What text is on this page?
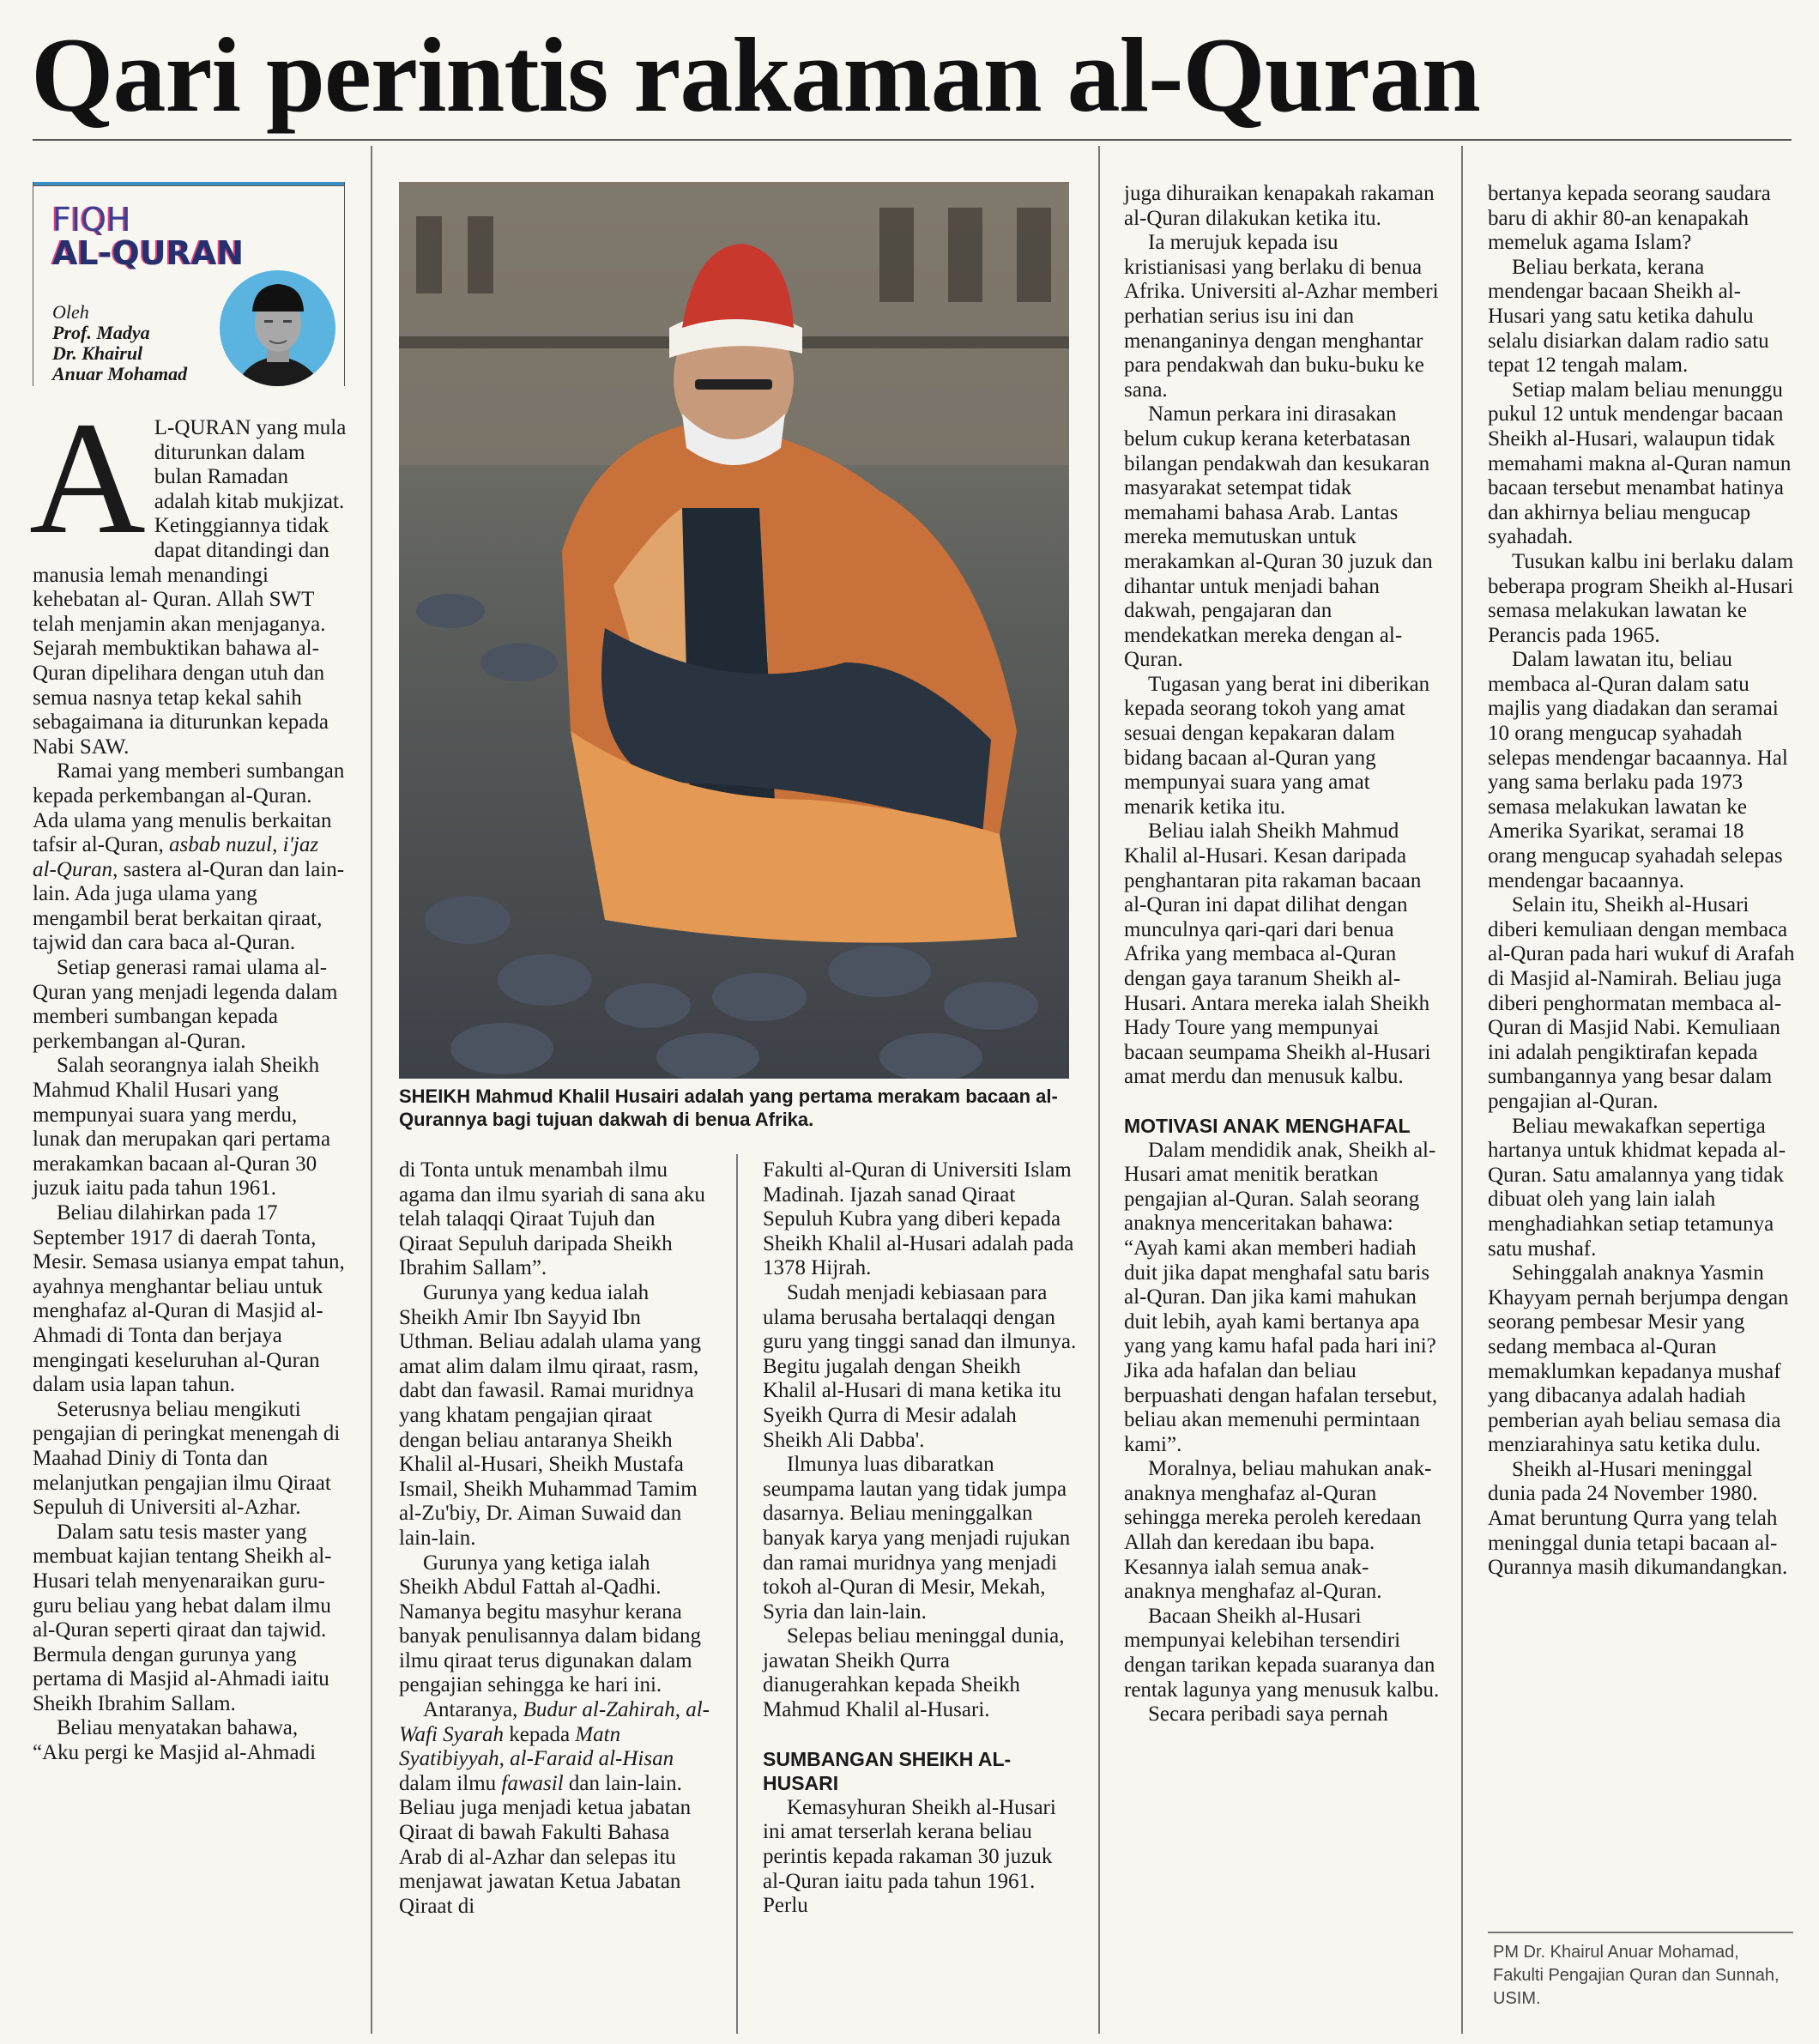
Qari perintis rakaman al-Quran
FIQH
AL-QURAN
Oleh
Prof. Madya
Dr. Khairul
Anuar Mohamad
SHEIKH Mahmud Khalil Husairi adalah yang pertama merakam bacaan al-Qurannya bagi tujuan dakwah di benua Afrika.
A L-QURAN yang mula diturunkan dalam bulan Ramadan adalah kitab mukjizat. Ketinggiannya tidak dapat ditandingi dan manusia lemah menandingi kehebatan al- Quran. Allah SWT telah menjamin akan menjaganya. Sejarah membuktikan bahawa al-Quran dipelihara dengan utuh dan semua nasnya tetap kekal sahih sebagaimana ia diturunkan kepada Nabi SAW.

Ramai yang memberi sumbangan kepada perkembangan al-Quran. Ada ulama yang menulis berkaitan tafsir al-Quran, asbab nuzul, i'jaz al-Quran, sastera al-Quran dan lain-lain. Ada juga ulama yang mengambil berat berkaitan qiraat, tajwid dan cara baca al-Quran.

Setiap generasi ramai ulama al-Quran yang menjadi legenda dalam memberi sumbangan kepada perkembangan al-Quran.

Salah seorangnya ialah Sheikh Mahmud Khalil Husari yang mempunyai suara yang merdu, lunak dan merupakan qari pertama merakamkan bacaan al-Quran 30 juzuk iaitu pada tahun 1961.

Beliau dilahirkan pada 17 September 1917 di daerah Tonta, Mesir. Semasa usianya empat tahun, ayahnya menghantar beliau untuk menghafaz al-Quran di Masjid al-Ahmadi di Tonta dan berjaya mengingati keseluruhan al-Quran dalam usia lapan tahun.

Seterusnya beliau mengikuti pengajian di peringkat menengah di Maahad Diniy di Tonta dan melanjutkan pengajian ilmu Qiraat Sepuluh di Universiti al-Azhar.

Dalam satu tesis master yang membuat kajian tentang Sheikh al-Husari telah menyenaraikan guru-guru beliau yang hebat dalam ilmu al-Quran seperti qiraat dan tajwid. Bermula dengan gurunya yang pertama di Masjid al-Ahmadi iaitu Sheikh Ibrahim Sallam.

Beliau menyatakan bahawa, “Aku pergi ke Masjid al-Ahmadi

di Tonta untuk menambah ilmu agama dan ilmu syariah di sana aku telah talaqqi Qiraat Tujuh dan Qiraat Sepuluh daripada Sheikh Ibrahim Sallam”.

Gurunya yang kedua ialah Sheikh Amir Ibn Sayyid Ibn Uthman. Beliau adalah ulama yang amat alim dalam ilmu qiraat, rasm, dabt dan fawasil. Ramai muridnya yang khatam pengajian qiraat dengan beliau antaranya Sheikh Khalil al-Husari, Sheikh Mustafa Ismail, Sheikh Muhammad Tamim al-Zu'biy, Dr. Aiman Suwaid dan lain-lain.

Gurunya yang ketiga ialah Sheikh Abdul Fattah al-Qadhi. Namanya begitu masyhur kerana banyak penulisannya dalam bidang ilmu qiraat terus digunakan dalam pengajian sehingga ke hari ini.

Antaranya, Budur al-Zahirah, al-Wafi Syarah kepada Matn Syatibiyyah, al-Faraid al-Hisan dalam ilmu fawasil dan lain-lain. Beliau juga menjadi ketua jabatan Qiraat di bawah Fakulti Bahasa Arab di al-Azhar dan selepas itu menjawat jawatan Ketua Jabatan Qiraat di

Fakulti al-Quran di Universiti Islam Madinah. Ijazah sanad Qiraat Sepuluh Kubra yang diberi kepada Sheikh Khalil al-Husari adalah pada 1378 Hijrah.

Sudah menjadi kebiasaan para ulama berusaha bertalaqqi dengan guru yang tinggi sanad dan ilmunya. Begitu jugalah dengan Sheikh Khalil al-Husari di mana ketika itu Syeikh Qurra di Mesir adalah Sheikh Ali Dabba'.

Ilmunya luas dibaratkan seumpama lautan yang tidak jumpa dasarnya. Beliau meninggalkan banyak karya yang menjadi rujukan dan ramai muridnya yang menjadi tokoh al-Quran di Mesir, Mekah, Syria dan lain-lain.

Selepas beliau meninggal dunia, jawatan Sheikh Qurra dianugerahkan kepada Sheikh Mahmud Khalil al-Husari.

SUMBANGAN SHEIKH AL-HUSARI

Kemasyhuran Sheikh al-Husari ini amat terserlah kerana beliau perintis kepada rakaman 30 juzuk al-Quran iaitu pada tahun 1961. Perlu

juga dihuraikan kenapakah rakaman al-Quran dilakukan ketika itu.

Ia merujuk kepada isu kristianisasi yang berlaku di benua Afrika. Universiti al-Azhar memberi perhatian serius isu ini dan menanganinya dengan menghantar para pendakwah dan buku-buku ke sana.

Namun perkara ini dirasakan belum cukup kerana keterbatasan bilangan pendakwah dan kesukaran masyarakat setempat tidak memahami bahasa Arab. Lantas mereka memutuskan untuk merakamkan al-Quran 30 juzuk dan dihantar untuk menjadi bahan dakwah, pengajaran dan mendekatkan mereka dengan al-Quran.

Tugasan yang berat ini diberikan kepada seorang tokoh yang amat sesuai dengan kepakaran dalam bidang bacaan al-Quran yang mempunyai suara yang amat menarik ketika itu.

Beliau ialah Sheikh Mahmud Khalil al-Husari. Kesan daripada penghantaran pita rakaman bacaan al-Quran ini dapat dilihat dengan munculnya qari-qari dari benua Afrika yang membaca al-Quran dengan gaya taranum Sheikh al-Husari. Antara mereka ialah Sheikh Hady Toure yang mempunyai bacaan seumpama Sheikh al-Husari amat merdu dan menusuk kalbu.

MOTIVASI ANAK MENGHAFAL

Dalam mendidik anak, Sheikh al-Husari amat menitik beratkan pengajian al-Quran. Salah seorang anaknya menceritakan bahawa: “Ayah kami akan memberi hadiah duit jika dapat menghafal satu baris al-Quran. Dan jika kami mahukan duit lebih, ayah kami bertanya apa yang yang kamu hafal pada hari ini? Jika ada hafalan dan beliau berpuashati dengan hafalan tersebut, beliau akan memenuhi permintaan kami”.

Moralnya, beliau mahukan anak-anaknya menghafaz al-Quran sehingga mereka peroleh keredaan Allah dan keredaan ibu bapa. Kesannya ialah semua anak-anaknya menghafaz al-Quran.

Bacaan Sheikh al-Husari mempunyai kelebihan tersendiri dengan tarikan kepada suaranya dan rentak lagunya yang menusuk kalbu.

Secara peribadi saya pernah

bertanya kepada seorang saudara baru di akhir 80-an kenapakah memeluk agama Islam?

Beliau berkata, kerana mendengar bacaan Sheikh al-Husari yang satu ketika dahulu selalu disiarkan dalam radio satu tepat 12 tengah malam.

Setiap malam beliau menunggu pukul 12 untuk mendengar bacaan Sheikh al-Husari, walaupun tidak memahami makna al-Quran namun bacaan tersebut menambat hatinya dan akhirnya beliau mengucap syahadah.

Tusukan kalbu ini berlaku dalam beberapa program Sheikh al-Husari semasa melakukan lawatan ke Perancis pada 1965.

Dalam lawatan itu, beliau membaca al-Quran dalam satu majlis yang diadakan dan seramai 10 orang mengucap syahadah selepas mendengar bacaannya. Hal yang sama berlaku pada 1973 semasa melakukan lawatan ke Amerika Syarikat, seramai 18 orang mengucap syahadah selepas mendengar bacaannya.

Selain itu, Sheikh al-Husari diberi kemuliaan dengan membaca al-Quran pada hari wukuf di Arafah di Masjid al-Namirah. Beliau juga diberi penghormatan membaca al-Quran di Masjid Nabi. Kemuliaan ini adalah pengiktirafan kepada sumbangannya yang besar dalam pengajian al-Quran.

Beliau mewakafkan sepertiga hartanya untuk khidmat kepada al-Quran. Satu amalannya yang tidak dibuat oleh yang lain ialah menghadiahkan setiap tetamunya satu mushaf.

Sehinggalah anaknya Yasmin Khayyam pernah berjumpa dengan seorang pembesar Mesir yang sedang membaca al-Quran memaklumkan kepadanya mushaf yang dibacanya adalah hadiah pemberian ayah beliau semasa dia menziarahinya satu ketika dulu.

Sheikh al-Husari meninggal dunia pada 24 November 1980. Amat beruntung Qurra yang telah meninggal dunia tetapi bacaan al-Qurannya masih dikumandangkan.

PM Dr. Khairul Anuar Mohamad, Fakulti Pengajian Quran dan Sunnah, USIM.
